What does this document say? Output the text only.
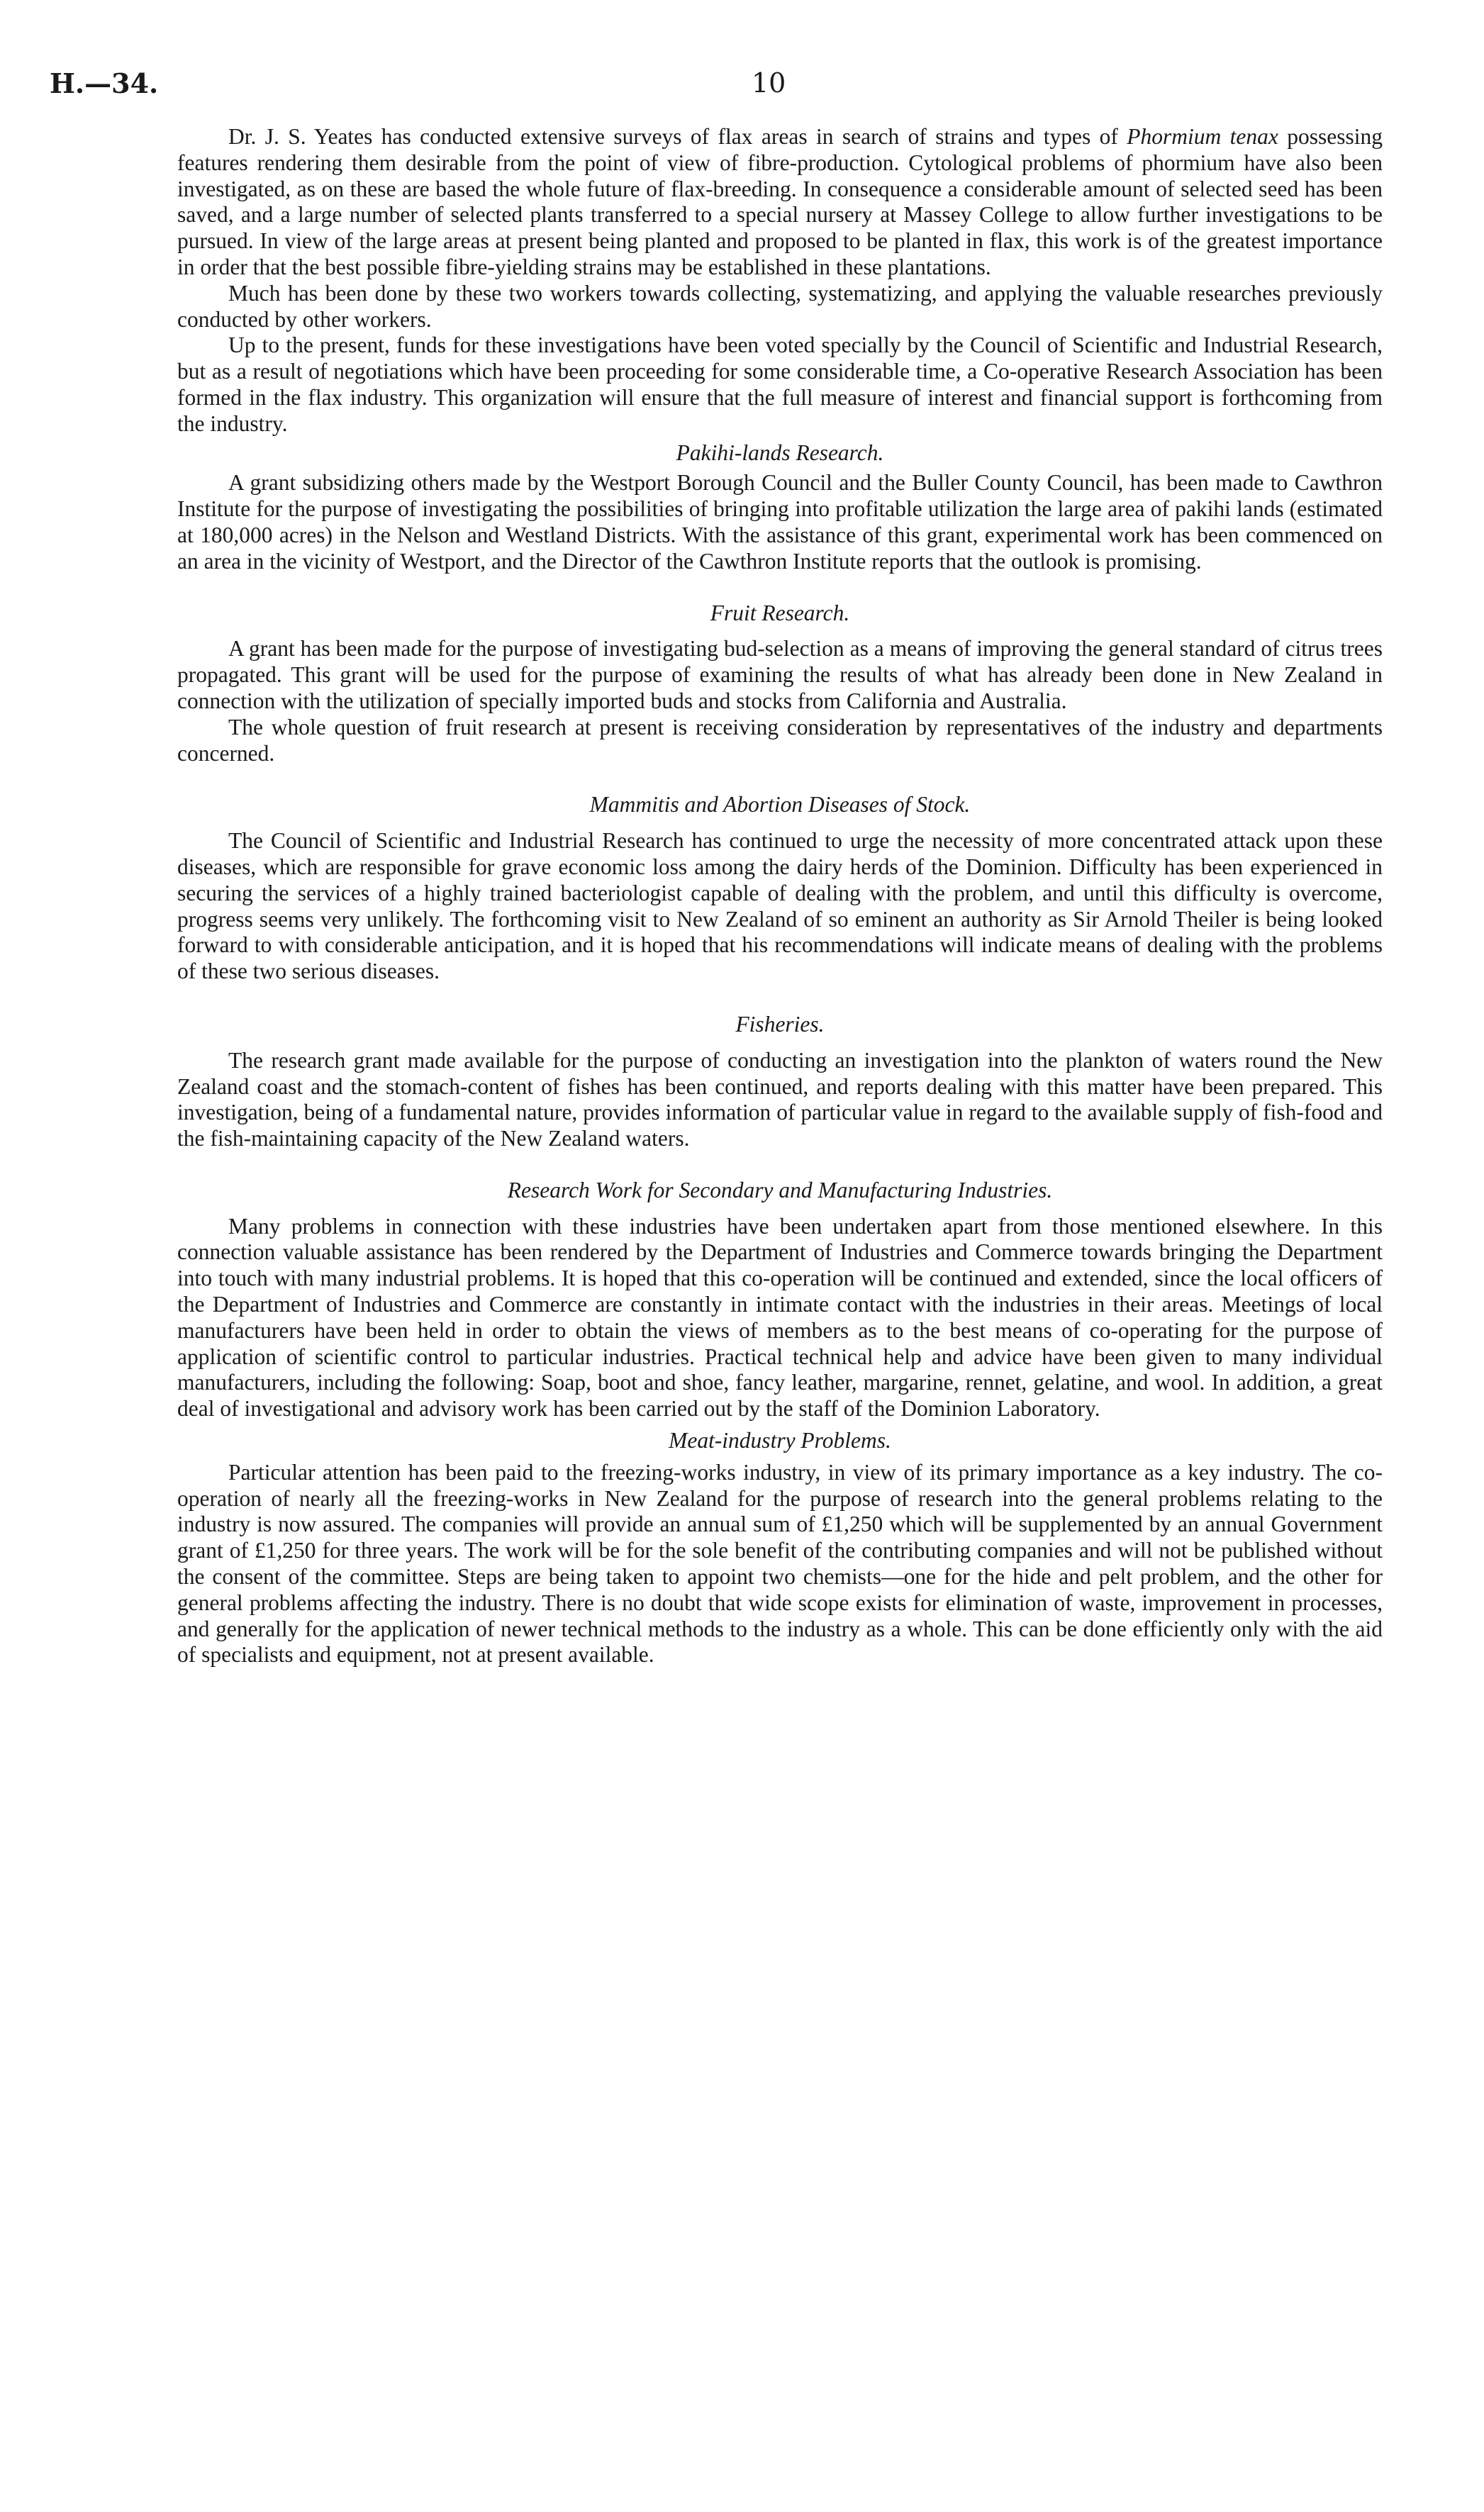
H.—34.	10

Dr. J. S. Yeates has conducted extensive surveys of flax areas in search of strains and types of Phormium tenax possessing features rendering them desirable from the point of view of fibre-production. Cytological problems of phormium have also been investigated, as on these are based the whole future of flax-breeding. In consequence a considerable amount of selected seed has been saved, and a large number of selected plants transferred to a special nursery at Massey College to allow further investigations to be pursued. In view of the large areas at present being planted and proposed to be planted in flax, this work is of the greatest importance in order that the best possible fibre-yielding strains may be established in these plantations.

Much has been done by these two workers towards collecting, systematizing, and applying the valuable researches previously conducted by other workers.

Up to the present, funds for these investigations have been voted specially by the Council of Scientific and Industrial Research, but as a result of negotiations which have been proceeding for some considerable time, a Co-operative Research Association has been formed in the flax industry. This organization will ensure that the full measure of interest and financial support is forthcoming from the industry.

Pakihi-lands Research.

A grant subsidizing others made by the Westport Borough Council and the Buller County Council, has been made to Cawthron Institute for the purpose of investigating the possibilities of bringing into profitable utilization the large area of pakihi lands (estimated at 180,000 acres) in the Nelson and Westland Districts. With the assistance of this grant, experimental work has been commenced on an area in the vicinity of Westport, and the Director of the Cawthron Institute reports that the outlook is promising.

Fruit Research.

A grant has been made for the purpose of investigating bud-selection as a means of improving the general standard of citrus trees propagated. This grant will be used for the purpose of examining the results of what has already been done in New Zealand in connection with the utilization of specially imported buds and stocks from California and Australia.

The whole question of fruit research at present is receiving consideration by representatives of the industry and departments concerned.

Mammitis and Abortion Diseases of Stock.

The Council of Scientific and Industrial Research has continued to urge the necessity of more concentrated attack upon these diseases, which are responsible for grave economic loss among the dairy herds of the Dominion. Difficulty has been experienced in securing the services of a highly trained bacteriologist capable of dealing with the problem, and until this difficulty is overcome, progress seems very unlikely. The forthcoming visit to New Zealand of so eminent an authority as Sir Arnold Theiler is being looked forward to with considerable anticipation, and it is hoped that his recommendations will indicate means of dealing with the problems of these two serious diseases.

Fisheries.

The research grant made available for the purpose of conducting an investigation into the plankton of waters round the New Zealand coast and the stomach-content of fishes has been continued, and reports dealing with this matter have been prepared. This investigation, being of a fundamental nature, provides information of particular value in regard to the available supply of fish-food and the fish-maintaining capacity of the New Zealand waters.

Research Work for Secondary and Manufacturing Industries.

Many problems in connection with these industries have been undertaken apart from those mentioned elsewhere. In this connection valuable assistance has been rendered by the Department of Industries and Commerce towards bringing the Department into touch with many industrial problems. It is hoped that this co-operation will be continued and extended, since the local officers of the Department of Industries and Commerce are constantly in intimate contact with the industries in their areas. Meetings of local manufacturers have been held in order to obtain the views of members as to the best means of co-operating for the purpose of application of scientific control to particular industries. Practical technical help and advice have been given to many individual manufacturers, including the following: Soap, boot and shoe, fancy leather, margarine, rennet, gelatine, and wool. In addition, a great deal of investigational and advisory work has been carried out by the staff of the Dominion Laboratory.

Meat-industry Problems.

Particular attention has been paid to the freezing-works industry, in view of its primary importance as a key industry. The co-operation of nearly all the freezing-works in New Zealand for the purpose of research into the general problems relating to the industry is now assured. The companies will provide an annual sum of £1,250 which will be supplemented by an annual Government grant of £1,250 for three years. The work will be for the sole benefit of the contributing companies and will not be published without the consent of the committee. Steps are being taken to appoint two chemists—one for the hide and pelt problem, and the other for general problems affecting the industry. There is no doubt that wide scope exists for elimination of waste, improvement in processes, and generally for the application of newer technical methods to the industry as a whole. This can be done efficiently only with the aid of specialists and equipment, not at present available.
